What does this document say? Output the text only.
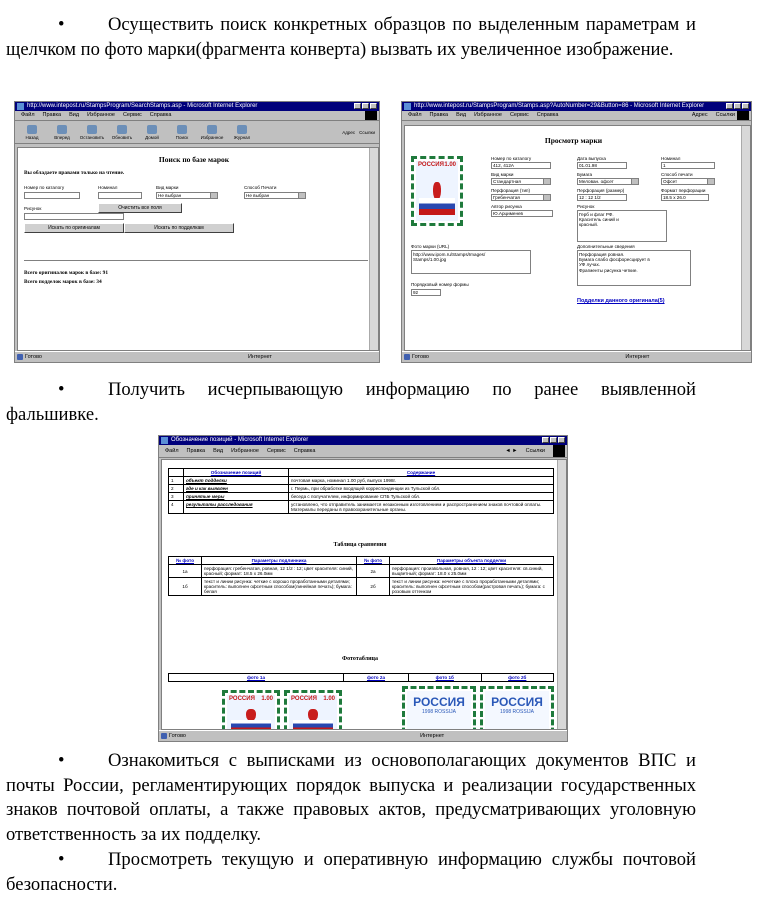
• Осуществить поиск конкретных образцов по выделенным параметрам и щелчком по фото марки(фрагмента конверта) вызвать их увеличенное изображение.
http://www.intepost.ru/StampsProgram/SearchStamps.asp - Microsoft Internet Explorer
Файл Правка Вид Избранное Сервис Справка
Назад	Вперед Остановить Обновить	Домой	Поиск	Избранное Журнал
Адрес Ссылки
Поиск по базе марок
Вы обладаете правами только на чтение.
Номер по каталогу	Номинал	Вид марки
Не выбран
Способ Печати
Не выбран
Очистить все поля
Рисунок
Искать по оригиналам	Искать по подделкам
Всего оригиналов марок в базе: 91
Всего подделок марок в базе: 34
Готово	Интернет
http://www.intepost.ru/StampsProgram/Stamps.asp?AutoNumber=29&Button=86 - Microsoft Internet Explorer
Файл Правка Вид Избранное Сервис Справка	Адрес Ссылки
Просмотр марки
РОССИЯ 1.00
Номер по каталогу
412, 412А
Дата выпуска
01.01.98
Номинал
1
Вид марки
Стандартная
Бумага
Мелован. офсет
Способ печати
Офсет
Перфорация (тип)
Гребенчатая
Перфорация (размер)
12 : 12 1/2
Формат перфорации
18.5 x 26.0
Автор рисунка
Ю.Арцименев
Рисунок
Герб и флаг РФ.
Краситель синий и
красный.
Фото марки (URL)
http://www.ipom.ru/Stamps/Images/
Stamps/1.00.jpg
Дополнительные сведения
Перфорация ровная.
Бумага слабо фосфоресцирует в
УФ лучах.
Фрагменты рисунка четкие.
Порядковый номер формы
92
Подделки данного оригинала(5)
Готово	Интернет
• Получить исчерпывающую информацию по ранее выявленной фальшивке.
Обозначение позиций - Microsoft Internet Explorer
Файл Правка Вид Избранное Сервис Справка	◄ ► Ссылки
	Обозначение позиций	Содержание
1	объект подделки	почтовая марка, номинал 1.00 руб, выпуск 1998г.
2	где и как выявлен	г. Пермь, при обработке входящей корреспонденции из Тульской обл.
3	принятые меры	беседа с получателем, информирование СПБ Тульской обл.
4	результаты расследования	установлено, что отправитель занимается незаконным изготовлением и распространением знаков почтовой оплаты. Материалы переданы в правоохранительные органы.
Таблица сравнения
№ фото	Параметры подлинника	№ фото	Параметры объекта подделки
1а	перфорация: гребенчатая, ровная, 12 1/2 : 12; цвет красителя: синий, красный; формат: 18.5 x 26.0мм	2а	перфорация: произвольная, ровная, 12 : 12; цвет красителя: св.синий, выцветный; формат: 18.0 x 25.0мм
1б	текст и линии рисунка: четкие с хорошо проработанными деталями; краситель: выполнен офсетным способом(линейная печать); бумага: белая	2б	текст и линии рисунка: нечеткие с плохо проработанными деталями; краситель: выполнен офсетным способом(растровая печать); бумага: с розовым оттенком
Фототаблица
фото 1а	фото 2а	фото 1б	фото 2б
РОССИЯ 1.00	РОССИЯ 1.00	РОССИЯ
1998 ROSSIJA
РОССИЯ
1998 ROSSIJA
Готово	Интернет
• Ознакомиться с выписками из основополагающих документов ВПС и почты России, регламентирующих порядок выпуска и реализации государственных знаков почтовой оплаты, а также правовых актов, предусматривающих уголовную ответственность за их подделку.
• Просмотреть текущую и оперативную информацию службы почтовой безопасности.
